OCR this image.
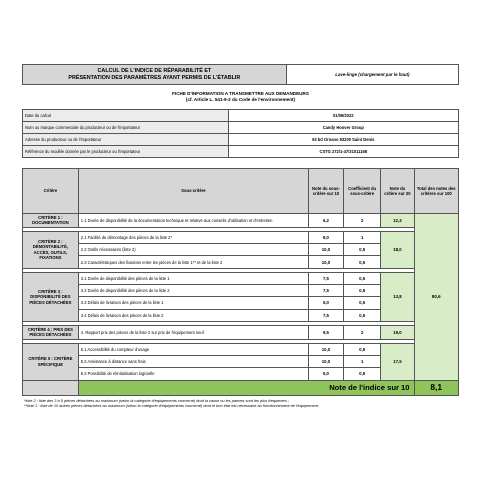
CALCUL DE L'INDICE DE RÉPARABILITÉ ET
PRÉSENTATION DES PARAMÈTRES AYANT PERMIS DE L'ÉTABLIR	Lave-linge (chargement par le haut)
FICHE D'INFORMATION A TRANSMETTRE AUX DEMANDEURS
(cf. Article L. 541-9-2 du Code de l'environnement)
Date du calcul	01/09/2022
Nom ou marque commerciale du producteur ou de l'importateur	Candy Hoover Group
Adresse du producteur ou de l'importateur	53 bd Ornano 93200 Saint Denis
Référence du modèle donnée par le producteur ou l'importateur	CSTG 272/1-47/31011168
Critère	Sous-critère	Note du sous-critère sur 10	Coefficient du sous-critère	Note du critère sur 20	Total des notes des critères sur 100
CRITÈRE 1 : DOCUMENTATION	1.1 Durée de disponibilité de la documentation technique et relative aux conseils d'utilisation et d'entretien	6,2	2	12,3	80,6

CRITÈRE 2 : DÉMONTABILITÉ, ACCÈS, OUTILS, FIXATIONS	2.1 Facilité de démontage des pièces de la liste 2*	8,0	1	18,0	
	2.2 Outils nécessaires (liste 2)	10,0	0,5		
	2.3 Caractéristiques des fixations entre les pièces de la liste 1** et de la liste 2	10,0	0,5		

CRITÈRE 3 : DISPONIBILITÉ DES PIÈCES DÉTACHÉES	3.1 Durée de disponibilité des pièces de la liste 1	7,5	0,5	13,8	
	3.2 Durée de disponibilité des pièces de la liste 2	7,5	0,5		
	3.3 Délais de livraison des pièces de la liste 1	5,0	0,5		
	3.4 Délais de livraison des pièces de la liste 2	7,5	0,5		

CRITÈRE 4 : PRIX DES PIÈCES DÉTACHÉES	4. Rapport prix des pièces de la liste 2 sur prix de l'équipement neuf	9,5	2	19,0	

CRITÈRE 5 : CRITÈRE SPÉCIFIQUE	5.1 Accessibilité du compteur d'usage	10,0	0,5	17,5	
	5.2 Assistance à distance sans frais	10,0	1		
	5.3 Possibilité de réinitialisation logicielle	5,0	0,5		
	Note de l'indice sur 10				8,1
*liste 2 : liste des 3 à 5 pièces détachées au maximum (selon la catégorie d'équipements concerné) dont la casse ou les pannes sont les plus fréquentes ;
**liste 1 : liste de 10 autres pièces détachées au maximum (selon la catégorie d'équipements concerné) dont le bon état est nécessaire au fonctionnement de l'équipement.
